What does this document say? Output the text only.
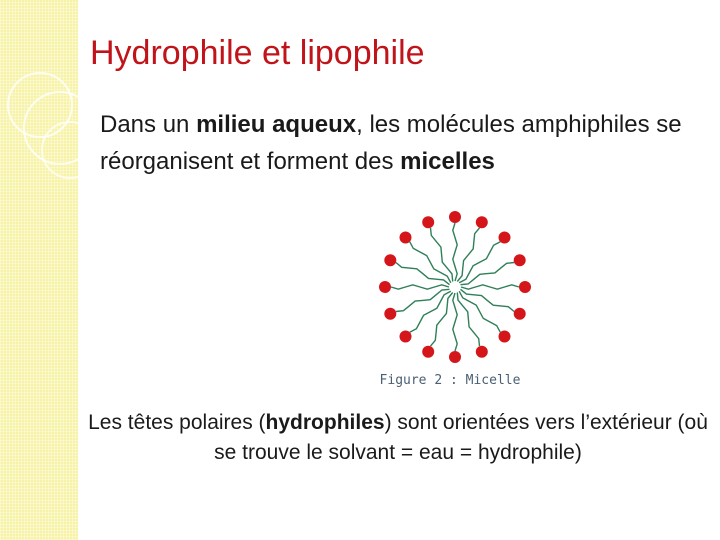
Hydrophile et lipophile
Dans un milieu aqueux, les molécules amphiphiles se réorganisent et forment des micelles
Figure 2 : Micelle
Les têtes polaires (hydrophiles) sont orientées vers l’extérieur (où se trouve le solvant = eau = hydrophile)
